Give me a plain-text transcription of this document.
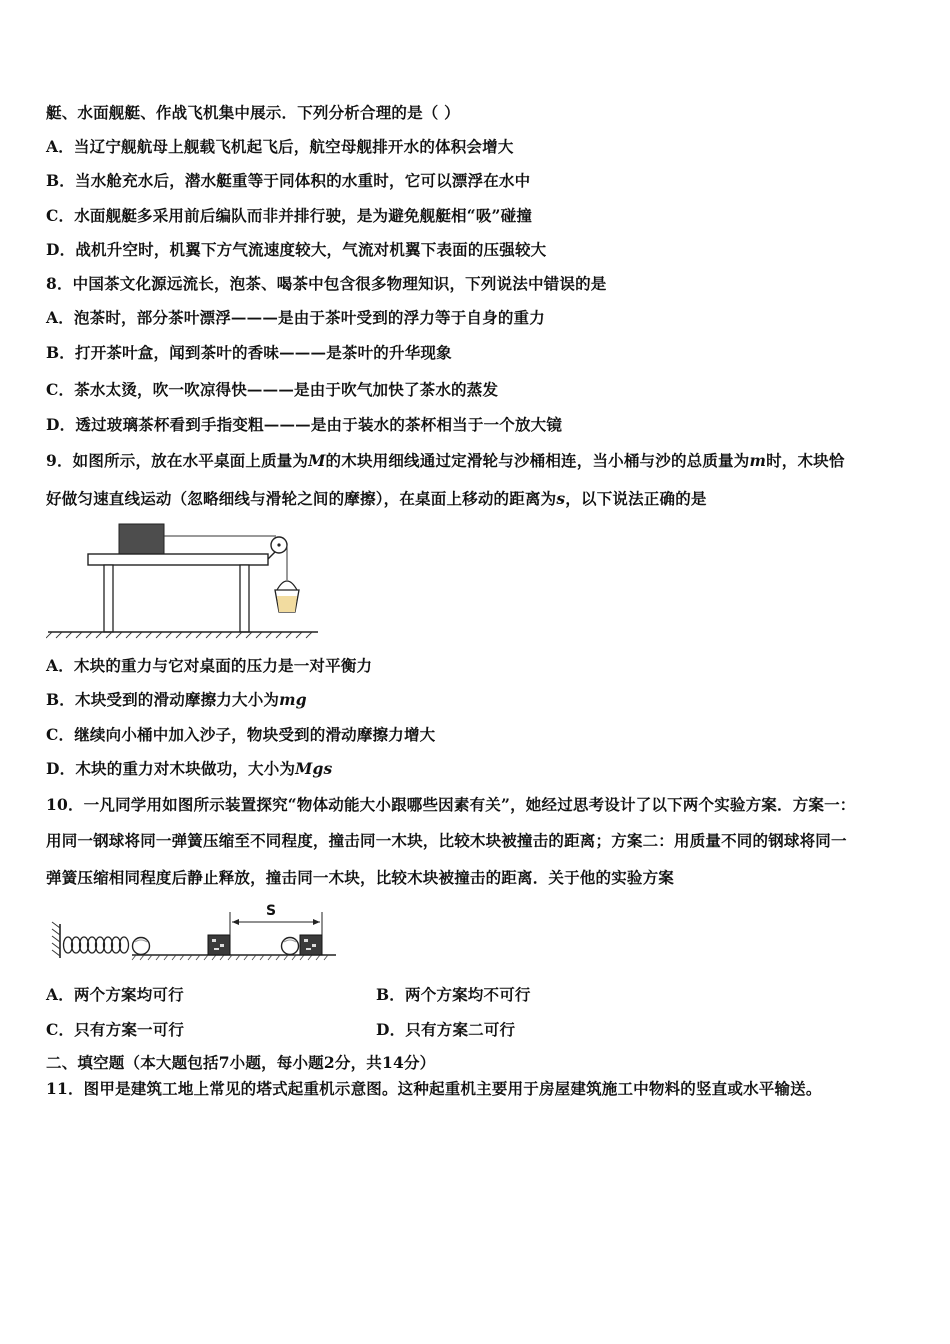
艇、水面舰艇、作战飞机集中展示．下列分析合理的是（ ）
A．当辽宁舰航母上舰载飞机起飞后，航空母舰排开水的体积会增大
B．当水舱充水后，潜水艇重等于同体积的水重时，它可以漂浮在水中
C．水面舰艇多采用前后编队而非并排行驶，是为避免舰艇相“吸”碰撞
D．战机升空时，机翼下方气流速度较大，气流对机翼下表面的压强较大
8．中国茶文化源远流长，泡茶、喝茶中包含很多物理知识，下列说法中错误的是
A．泡茶时，部分茶叶漂浮———是由于茶叶受到的浮力等于自身的重力
B．打开茶叶盒，闻到茶叶的香味———是茶叶的升华现象
C．茶水太烫，吹一吹凉得快———是由于吹气加快了茶水的蒸发
D．透过玻璃茶杯看到手指变粗———是由于装水的茶杯相当于一个放大镜
9．如图所示，放在水平桌面上质量为M的木块用细线通过定滑轮与沙桶相连，当小桶与沙的总质量为m时，木块恰
好做匀速直线运动（忽略细线与滑轮之间的摩擦），在桌面上移动的距离为s，以下说法正确的是
A．木块的重力与它对桌面的压力是一对平衡力
B．木块受到的滑动摩擦力大小为mg
C．继续向小桶中加入沙子，物块受到的滑动摩擦力增大
D．木块的重力对木块做功，大小为Mgs
10．一凡同学用如图所示装置探究“物体动能大小跟哪些因素有关”，她经过思考设计了以下两个实验方案．方案一：
用同一钢球将同一弹簧压缩至不同程度，撞击同一木块，比较木块被撞击的距离；方案二：用质量不同的钢球将同一
弹簧压缩相同程度后静止释放，撞击同一木块，比较木块被撞击的距离．关于他的实验方案
S
A．两个方案均可行	B．两个方案均不可行
C．只有方案一可行	D．只有方案二可行
二、填空题（本大题包括7小题，每小题2分，共14分）
11．图甲是建筑工地上常见的塔式起重机示意图。这种起重机主要用于房屋建筑施工中物料的竖直或水平输送。
